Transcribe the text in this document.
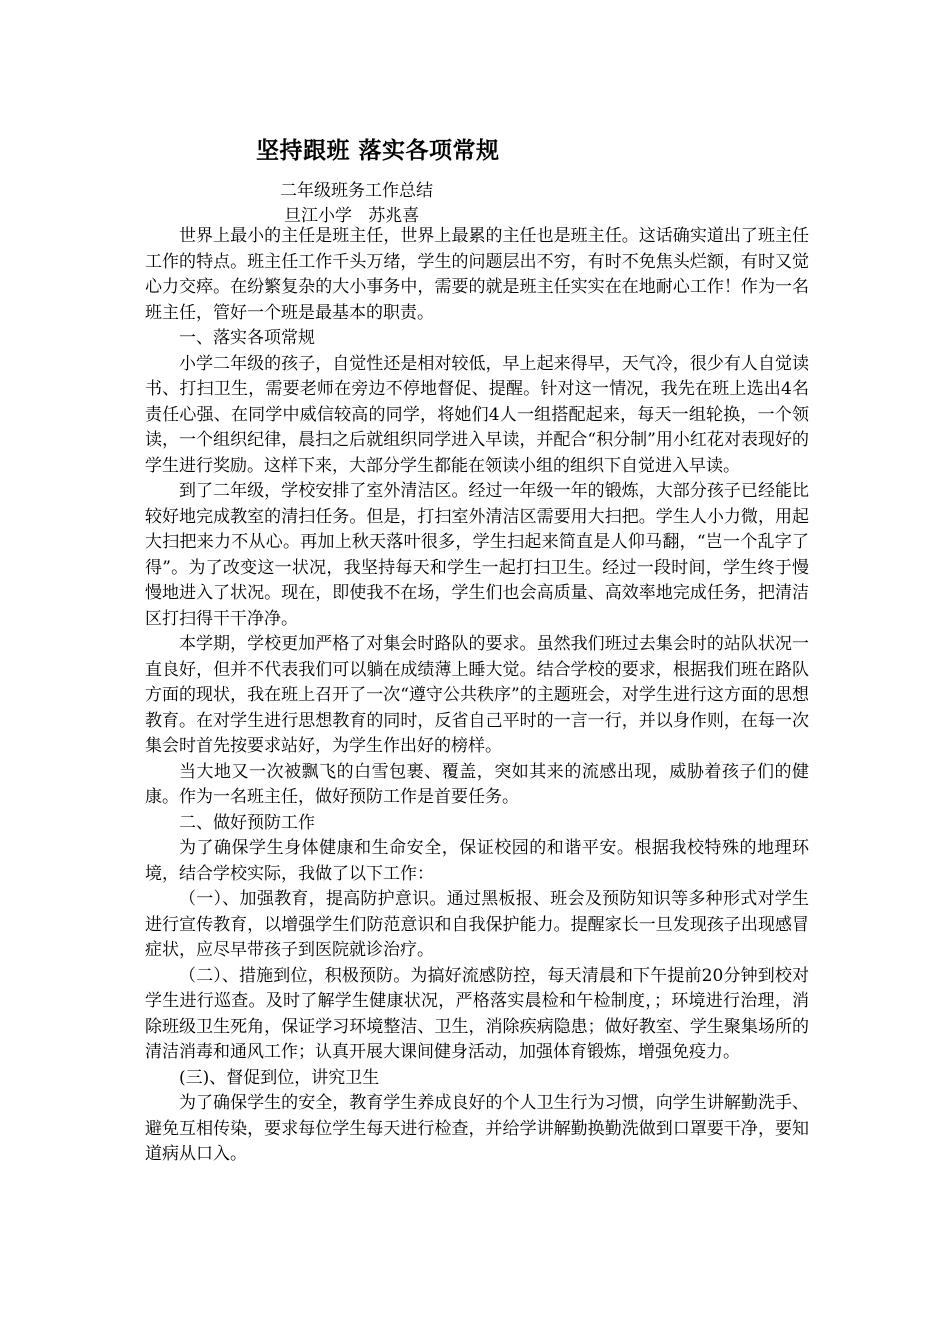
坚持跟班 落实各项常规
二年级班务工作总结
旦江小学   苏兆喜

世界上最小的主任是班主任，世界上最累的主任也是班主任。这话确实道出了班主任工作的特点。班主任工作千头万绪，学生的问题层出不穷，有时不免焦头烂额，有时又觉心力交瘁。在纷繁复杂的大小事务中，需要的就是班主任实实在在地耐心工作！作为一名班主任，管好一个班是最基本的职责。

一、落实各项常规

小学二年级的孩子，自觉性还是相对较低，早上起来得早，天气冷，很少有人自觉读书、打扫卫生，需要老师在旁边不停地督促、提醒。针对这一情况，我先在班上选出4名责任心强、在同学中威信较高的同学，将她们4人一组搭配起来，每天一组轮换，一个领读，一个组织纪律，晨扫之后就组织同学进入早读，并配合“积分制”用小红花对表现好的学生进行奖励。这样下来，大部分学生都能在领读小组的组织下自觉进入早读。

到了二年级，学校安排了室外清洁区。经过一年级一年的锻炼，大部分孩子已经能比较好地完成教室的清扫任务。但是，打扫室外清洁区需要用大扫把。学生人小力微，用起大扫把来力不从心。再加上秋天落叶很多，学生扫起来简直是人仰马翻，“岂一个乱字了得”。为了改变这一状况，我坚持每天和学生一起打扫卫生。经过一段时间，学生终于慢慢地进入了状况。现在，即使我不在场，学生们也会高质量、高效率地完成任务，把清洁区打扫得干干净净。

本学期，学校更加严格了对集会时路队的要求。虽然我们班过去集会时的站队状况一直良好，但并不代表我们可以躺在成绩薄上睡大觉。结合学校的要求，根据我们班在路队方面的现状，我在班上召开了一次“遵守公共秩序”的主题班会，对学生进行这方面的思想教育。在对学生进行思想教育的同时，反省自己平时的一言一行，并以身作则，在每一次集会时首先按要求站好，为学生作出好的榜样。

当大地又一次被飘飞的白雪包裹、覆盖，突如其来的流感出现，威胁着孩子们的健康。作为一名班主任，做好预防工作是首要任务。

二、做好预防工作

为了确保学生身体健康和生命安全，保证校园的和谐平安。根据我校特殊的地理环境，结合学校实际，我做了以下工作：

（一）、加强教育，提高防护意识。通过黑板报、班会及预防知识等多种形式对学生进行宣传教育，以增强学生们防范意识和自我保护能力。提醒家长一旦发现孩子出现感冒症状，应尽早带孩子到医院就诊治疗。

（二）、措施到位，积极预防。为搞好流感防控，每天清晨和下午提前20分钟到校对学生进行巡查。及时了解学生健康状况，严格落实晨检和午检制度，；环境进行治理，消除班级卫生死角，保证学习环境整洁、卫生，消除疾病隐患；做好教室、学生聚集场所的清洁消毒和通风工作；认真开展大课间健身活动，加强体育锻炼，增强免疫力。

(三)、督促到位，讲究卫生

为了确保学生的安全，教育学生养成良好的个人卫生行为习惯，向学生讲解勤洗手、避免互相传染，要求每位学生每天进行检查，并给学讲解勤换勤洗做到口罩要干净，要知道病从口入。
